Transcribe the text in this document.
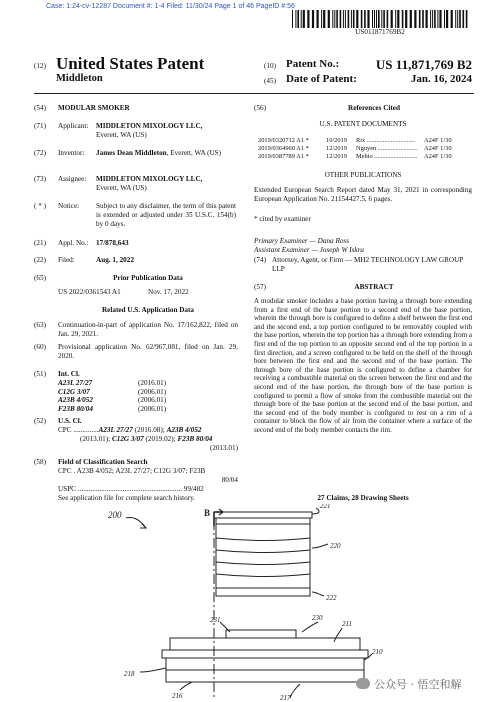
Case: 1:24-cv-12287 Document #: 1-4 Filed: 11/30/24 Page 1 of 46 PageID #:56
US011871769B2
(12) United States Patent
Middleton
(10) Patent No.:	US 11,871,769 B2
(45) Date of Patent:	Jan. 16, 2024
(54) MODULAR SMOKER
(71) Applicant: MIDDLETON MIXOLOGY LLC,
Everett, WA (US)
(72) Inventor: James Dean Middleton, Everett, WA (US)
(73) Assignee: MIDDLETON MIXOLOGY LLC,
Everett, WA (US)
( * ) Notice: Subject to any disclaimer, the term of this patent is extended or adjusted under 35 U.S.C. 154(b) by 0 days.
(21) Appl. No.: 17/878,643
(22) Filed:	Aug. 1, 2022
(65)	Prior Publication Data
US 2022/0361543 A1	Nov. 17, 2022
Related U.S. Application Data
(63) Continuation-in-part of application No. 17/162,822, filed on Jan. 29, 2021.
(60) Provisional application No. 62/967,081, filed on Jan. 29, 2020.
(51) Int. Cl.
A23L 27/27	(2016.01)
C12G 3/07	(2006.01)
A23B 4/052	(2006.01)
F23B 80/04	(2006.01)
(52) U.S. Cl.
CPC ..............A23L 27/27 (2016.08); A23B 4/052
(2013.01); C12G 3/07 (2019.02); F23B 80/04
(2013.01)
(58) Field of Classification Search
CPC . A23B 4/052; A23L 27/27; C12G 3/07; F23B
80/04
USPC .......................................................... 99/482
See application file for complete search history.
(56)	References Cited
U.S. PATENT DOCUMENTS
2019/0320712 A1 *	10/2019 Rix .............................. A24F 1/30
2019/0364960 A1 *	12/2019 Nguyen ......................... A24F 1/30
2019/0387789 A1 *	12/2019 Mehio ........................... A24F 1/30
OTHER PUBLICATIONS
Extended European Search Report dated May 31, 2021 in corresponding European Application No. 21154427.5, 6 pages.
* cited by examiner
Primary Examiner — Dana Ross
Assistant Examiner — Joseph W Iskra
(74) Attorney, Agent, or Firm — MH2 TECHNOLOGY LAW GROUP LLP
(57)	ABSTRACT
A modular smoker includes a base portion having a through bore extending from a first end of the base portion to a second end of the base portion, wherein the through bore is configured to define a shelf between the first end and the second end, a top portion configured to be removably coupled with the base portion, wherein the top portion has a through bore extending from a first end of the top portion to an opposite second end of the top portion in a first direction, and a screen configured to be held on the shelf of the through bore between the first end and the second end of the base portion. The through bore of the base portion is configured to define a chamber for receiving a combustible material on the screen between the first end and the second end of the base portion, the through bore of the base portion is configured to permit a flow of smoke from the combustible material out the through bore of the base portion at the second end of the base portion, and the second end of the body member is configured to rest on a rim of a container to block the flow of air from the container where a surface of the second end of the body member contacts the rim.
27 Claims, 28 Drawing Sheets
200	B
221
220
222
231	230
211
210
218
216	217
公众号 · 悟空和解
